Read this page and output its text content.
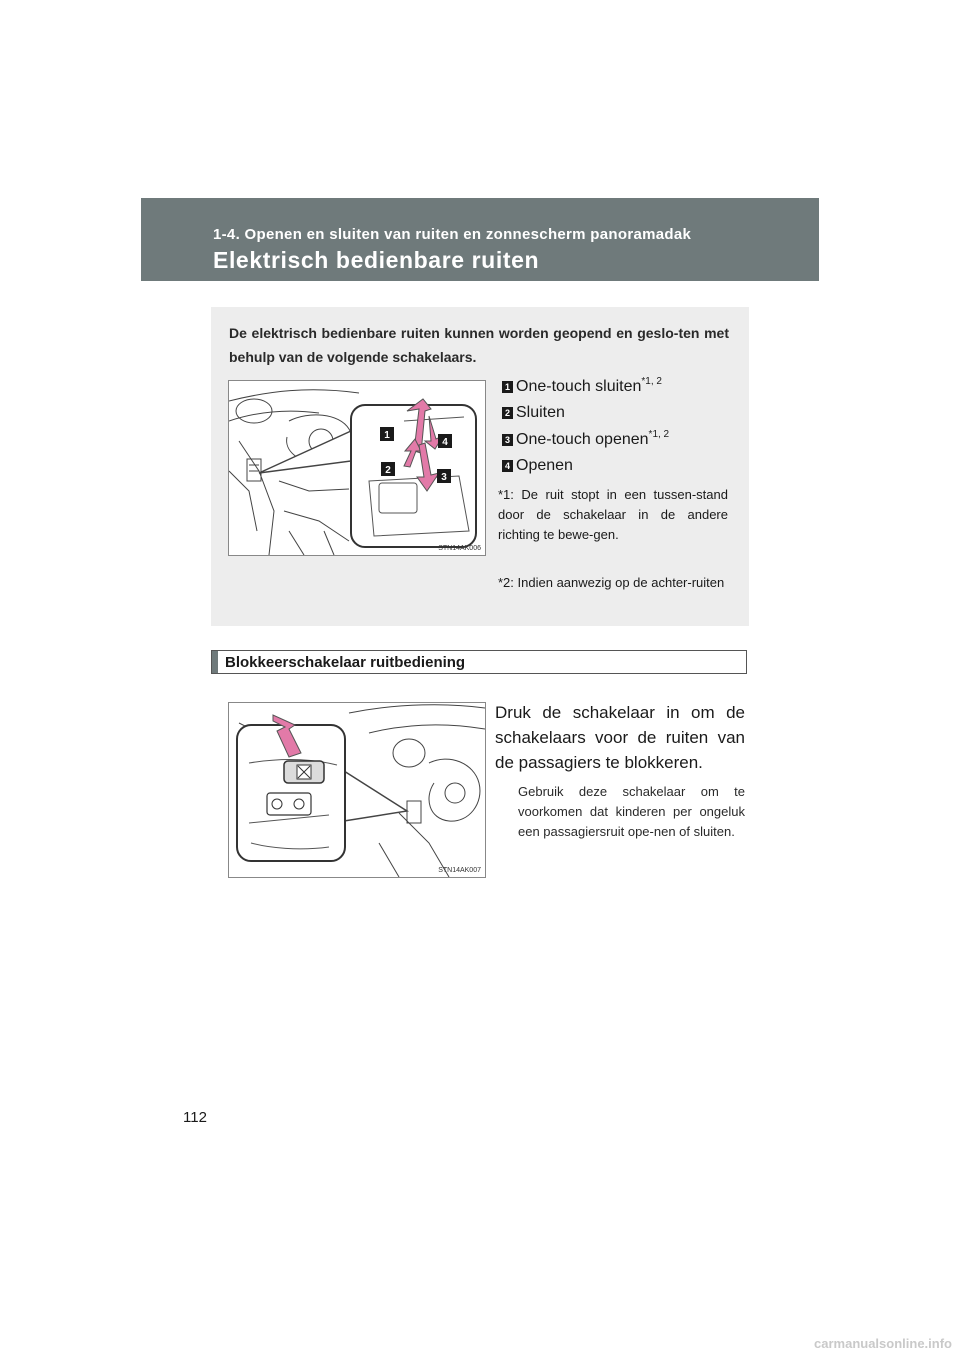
1-4. Openen en sluiten van ruiten en zonnescherm panoramadak
Elektrisch bedienbare ruiten
De elektrisch bedienbare ruiten kunnen worden geopend en geslo-ten met behulp van de volgende schakelaars.
1
4
2
3
STN14AK006
1 One-touch sluiten$^{*1, 2}$
2 Sluiten
3 One-touch openen$^{*1, 2}$
4 Openen
*1: De ruit stopt in een tussen-stand door de schakelaar in de andere richting te bewe-gen.
*2: Indien aanwezig op de achter-ruiten
Blokkeerschakelaar ruitbediening
STN14AK007
Druk de schakelaar in om de schakelaars voor de ruiten van de passagiers te blokkeren.
Gebruik deze schakelaar om te voorkomen dat kinderen per ongeluk een passagiersruit ope-nen of sluiten.
112
carmanualsonline.info
